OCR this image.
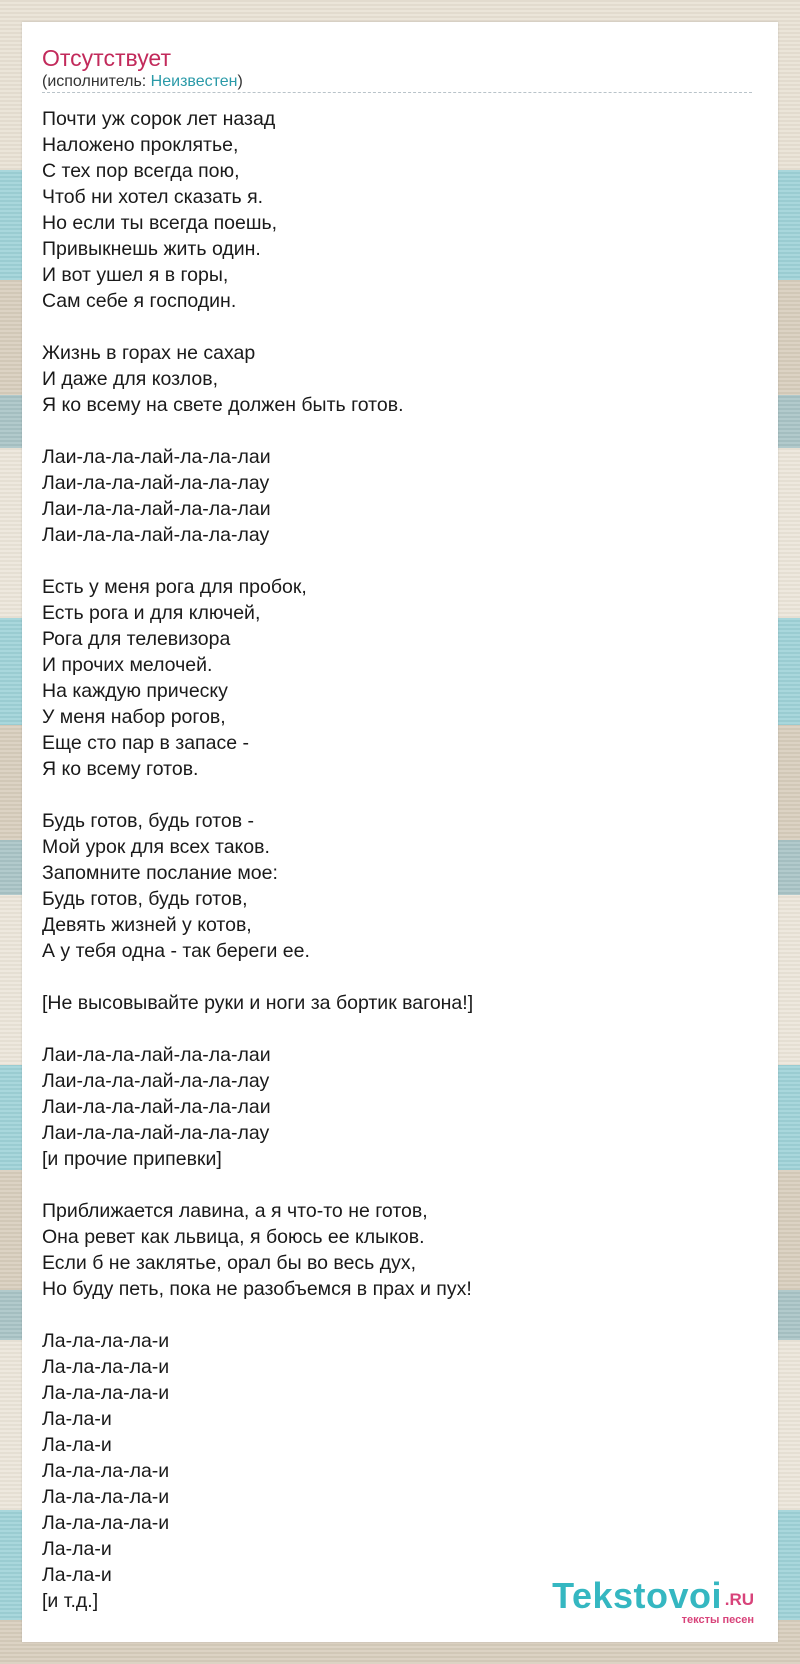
Отсутствует
(исполнитель: Неизвестен)
Почти уж сорок лет назад
Наложено проклятье,
С тех пор всегда пою,
Чтоб ни хотел сказать я.
Но если ты всегда поешь,
Привыкнешь жить один.
И вот ушел я в горы,
Сам себе я господин.
Жизнь в горах не сахар
И даже для козлов,
Я ко всему на свете должен быть готов.
Лаи-ла-ла-лай-ла-ла-лаи
Лаи-ла-ла-лай-ла-ла-лау
Лаи-ла-ла-лай-ла-ла-лаи
Лаи-ла-ла-лай-ла-ла-лау
Есть у меня рога для пробок,
Есть рога и для ключей,
Рога для телевизора
И прочих мелочей.
На каждую прическу
У меня набор рогов,
Еще сто пар в запасе -
Я ко всему готов.
Будь готов, будь готов -
Мой урок для всех таков.
Запомните послание мое:
Будь готов, будь готов,
Девять жизней у котов,
А у тебя одна - так береги ее.
[Не высовывайте руки и ноги за бортик вагона!]
Лаи-ла-ла-лай-ла-ла-лаи
Лаи-ла-ла-лай-ла-ла-лау
Лаи-ла-ла-лай-ла-ла-лаи
Лаи-ла-ла-лай-ла-ла-лау
[и прочие припевки]
Приближается лавина, а я что-то не готов,
Она ревет как львица, я боюсь ее клыков.
Если б не заклятье, орал бы во весь дух,
Но буду петь, пока не разобъемся в прах и пух!
Ла-ла-ла-ла-и
Ла-ла-ла-ла-и
Ла-ла-ла-ла-и
Ла-ла-и
Ла-ла-и
Ла-ла-ла-ла-и
Ла-ла-ла-ла-и
Ла-ла-ла-ла-и
Ла-ла-и
Ла-ла-и
[и т.д.]	Tekstovoi .RU
тексты песен
